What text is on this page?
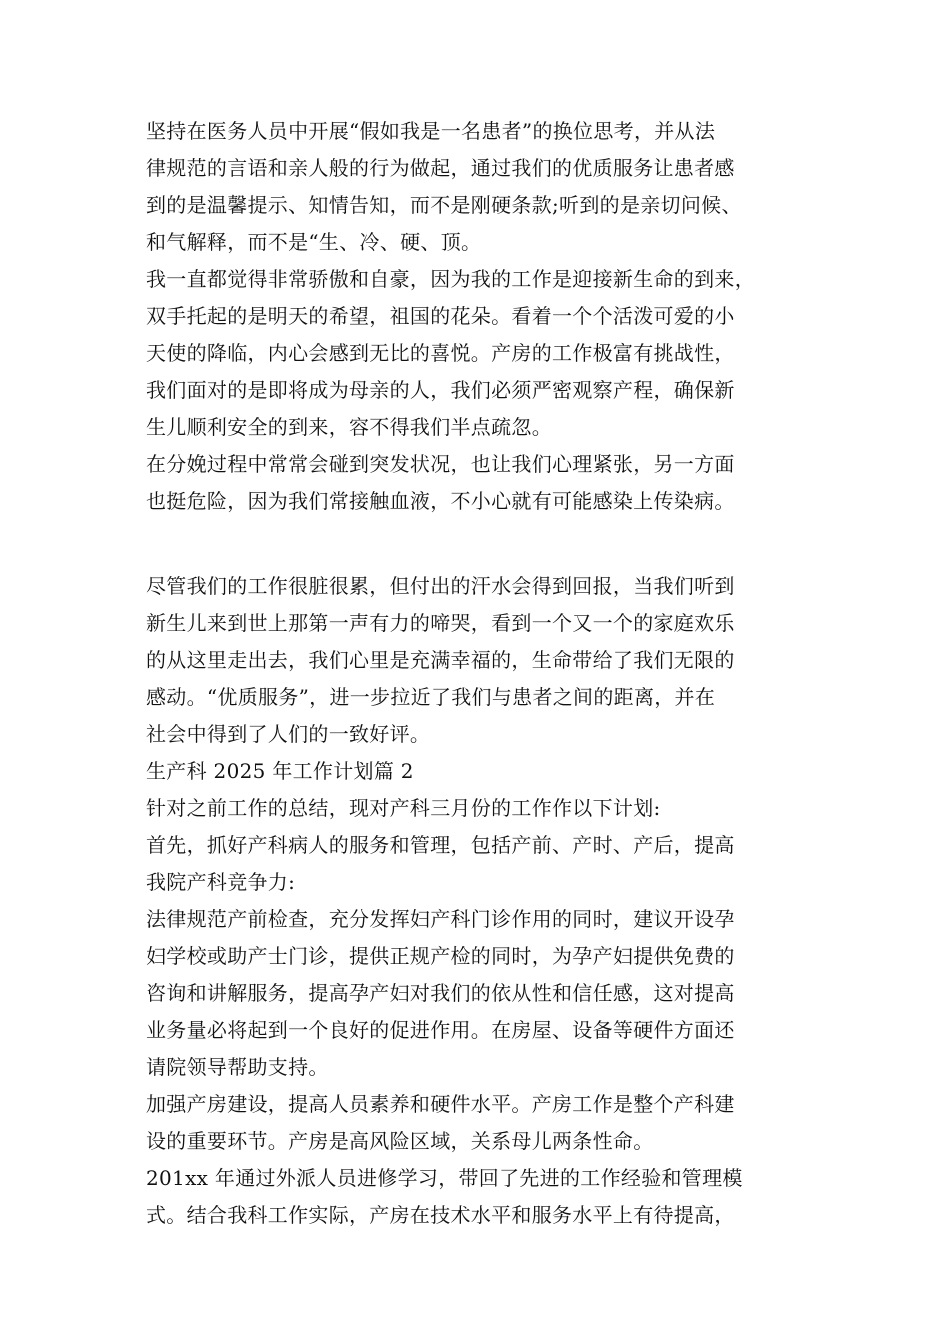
坚持在医务人员中开展“假如我是一名患者”的换位思考，并从法
律规范的言语和亲人般的行为做起，通过我们的优质服务让患者感
到的是温馨提示、知情告知，而不是刚硬条款;听到的是亲切问候、
和气解释，而不是“生、冷、硬、顶。
我一直都觉得非常骄傲和自豪，因为我的工作是迎接新生命的到来，
双手托起的是明天的希望，祖国的花朵。看着一个个活泼可爱的小
天使的降临，内心会感到无比的喜悦。产房的工作极富有挑战性，
我们面对的是即将成为母亲的人，我们必须严密观察产程，确保新
生儿顺利安全的到来，容不得我们半点疏忽。
在分娩过程中常常会碰到突发状况，也让我们心理紧张，另一方面
也挺危险，因为我们常接触血液，不小心就有可能感染上传染病。
尽管我们的工作很脏很累，但付出的汗水会得到回报，当我们听到
新生儿来到世上那第一声有力的啼哭，看到一个又一个的家庭欢乐
的从这里走出去，我们心里是充满幸福的，生命带给了我们无限的
感动。“优质服务”，进一步拉近了我们与患者之间的距离，并在
社会中得到了人们的一致好评。
生产科 2025 年工作计划篇 2
针对之前工作的总结，现对产科三月份的工作作以下计划:
首先，抓好产科病人的服务和管理，包括产前、产时、产后，提高
我院产科竞争力:
法律规范产前检查，充分发挥妇产科门诊作用的同时，建议开设孕
妇学校或助产士门诊，提供正规产检的同时，为孕产妇提供免费的
咨询和讲解服务，提高孕产妇对我们的依从性和信任感，这对提高
业务量必将起到一个良好的促进作用。在房屋、设备等硬件方面还
请院领导帮助支持。
加强产房建设，提高人员素养和硬件水平。产房工作是整个产科建
设的重要环节。产房是高风险区域，关系母儿两条性命。
201xx 年通过外派人员进修学习，带回了先进的工作经验和管理模
式。结合我科工作实际，产房在技术水平和服务水平上有待提高，
